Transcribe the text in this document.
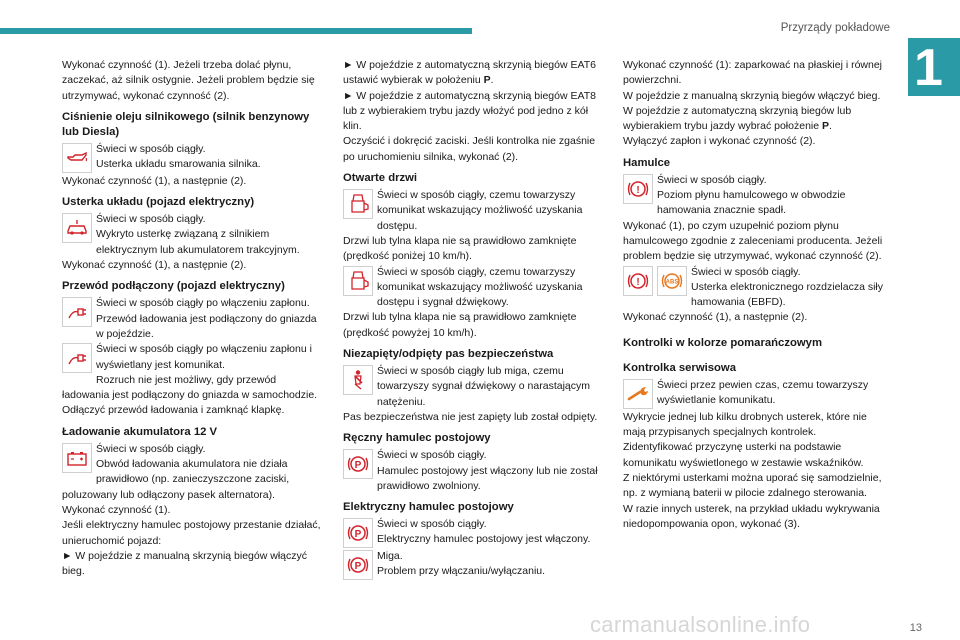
Przyrządy pokładowe
1

Wykonać czynność (1). Jeżeli trzeba dolać płynu, zaczekać, aż silnik ostygnie. Jeżeli problem będzie się utrzymywać, wykonać czynność (2).

Ciśnienie oleju silnikowego (silnik benzynowy lub Diesla)

Świeci w sposób ciągły.

Usterka układu smarowania silnika.

Wykonać czynność (1), a następnie (2).

Usterka układu (pojazd elektryczny)

Świeci w sposób ciągły.

Wykryto usterkę związaną z silnikiem elektrycznym lub akumulatorem trakcyjnym.

Wykonać czynność (1), a następnie (2).

Przewód podłączony (pojazd elektryczny)

Świeci w sposób ciągły po włączeniu zapłonu.

Przewód ładowania jest podłączony do gniazda w pojeździe.

Świeci w sposób ciągły po włączeniu zapłonu i wyświetlany jest komunikat.

Rozruch nie jest możliwy, gdy przewód ładowania jest podłączony do gniazda w samochodzie.

Odłączyć przewód ładowania i zamknąć klapkę.

Ładowanie akumulatora 12 V

Świeci w sposób ciągły.

Obwód ładowania akumulatora nie działa prawidłowo (np. zanieczyszczone zaciski, poluzowany lub odłączony pasek alternatora).

Wykonać czynność (1).

Jeśli elektryczny hamulec postojowy przestanie działać, unieruchomić pojazd:

► W pojeździe z manualną skrzynią biegów włączyć bieg.

► W pojeździe z automatyczną skrzynią biegów EAT6 ustawić wybierak w położeniu P.

► W pojeździe z automatyczną skrzynią biegów EAT8 lub z wybierakiem trybu jazdy włożyć pod jedno z kół klin.

Oczyścić i dokręcić zaciski. Jeśli kontrolka nie zgaśnie po uruchomieniu silnika, wykonać (2).

Otwarte drzwi

Świeci w sposób ciągły, czemu towarzyszy komunikat wskazujący możliwość uzyskania dostępu.

Drzwi lub tylna klapa nie są prawidłowo zamknięte (prędkość poniżej 10 km/h).

Świeci w sposób ciągły, czemu towarzyszy komunikat wskazujący możliwość uzyskania dostępu i sygnał dźwiękowy.

Drzwi lub tylna klapa nie są prawidłowo zamknięte (prędkość powyżej 10 km/h).

Niezapięty/odpięty pas bezpieczeństwa

Świeci w sposób ciągły lub miga, czemu towarzyszy sygnał dźwiękowy o narastającym natężeniu.

Pas bezpieczeństwa nie jest zapięty lub został odpięty.

Ręczny hamulec postojowy
P

Świeci w sposób ciągły.

Hamulec postojowy jest włączony lub nie został prawidłowo zwolniony.

Elektryczny hamulec postojowy
P

Świeci w sposób ciągły.

Elektryczny hamulec postojowy jest włączony.

P

Miga.

Problem przy włączaniu/wyłączaniu.

Wykonać czynność (1): zaparkować na płaskiej i równej powierzchni.

W pojeździe z manualną skrzynią biegów włączyć bieg.

W pojeździe z automatyczną skrzynią biegów lub wybierakiem trybu jazdy wybrać położenie P.

Wyłączyć zapłon i wykonać czynność (2).

Hamulce
!

Świeci w sposób ciągły.

Poziom płynu hamulcowego w obwodzie hamowania znacznie spadł.

Wykonać (1), po czym uzupełnić poziom płynu hamulcowego zgodnie z zaleceniami producenta. Jeżeli problem będzie się utrzymywać, wykonać czynność (2).

!	ABS

Świeci w sposób ciągły.

Usterka elektronicznego rozdzielacza siły hamowania (EBFD).

Wykonać czynność (1), a następnie (2).

Kontrolki w kolorze pomarańczowym
Kontrolka serwisowa

Świeci przez pewien czas, czemu towarzyszy wyświetlanie komunikatu.

Wykrycie jednej lub kilku drobnych usterek, które nie mają przypisanych specjalnych kontrolek.

Zidentyfikować przyczynę usterki na podstawie komunikatu wyświetlonego w zestawie wskaźników.

Z niektórymi usterkami można uporać się samodzielnie, np. z wymianą baterii w pilocie zdalnego sterowania.

W razie innych usterek, na przykład układu wykrywania niedopompowania opon, wykonać (3).

carmanualsonline.info	13
